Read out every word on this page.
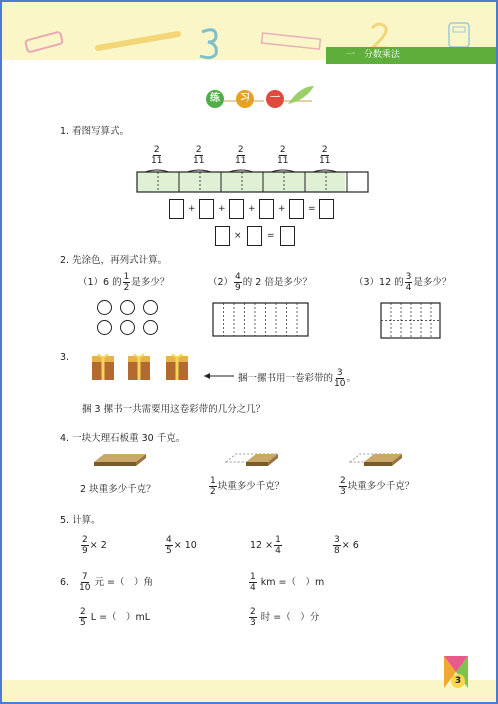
一 分数乘法
练	习	一
1. 看图写算式。
$\frac{2}{11}$	$\frac{2}{11}$	$\frac{2}{11}$	$\frac{2}{11}$	$\frac{2}{11}$
+ + + + =
×	=
2. 先涂色，再列式计算。
（1）6 的 $\frac{1}{2}$ 是多少？	$(2) \frac{4}{9}$ 的 2 倍是多少？	（3）12 的 $\frac{3}{4}$ 是多少？
3.
捆一摞书用一卷彩带的 $\frac{3}{10}$ 。
捆 3 摞书一共需要用这卷彩带的几分之几？
4. 一块大理石板重 30 千克。
2 块重多少千克？	$\frac{1}{2}$ 块重多少千克？	$\frac{2}{3}$ 块重多少千克？
5. 计算。
$\frac{2}{9} \times 2$	$\frac{4}{5} \times 10$	$12 \times \frac{1}{4}$	$\frac{3}{8} \times 6$
6. $\frac{7}{10}$ 元 =（　）角	$\frac{1}{4}$ km =（　）m
$\frac{2}{5}$ L =（　）mL	$\frac{2}{3}$ 时 =（　）分
3
